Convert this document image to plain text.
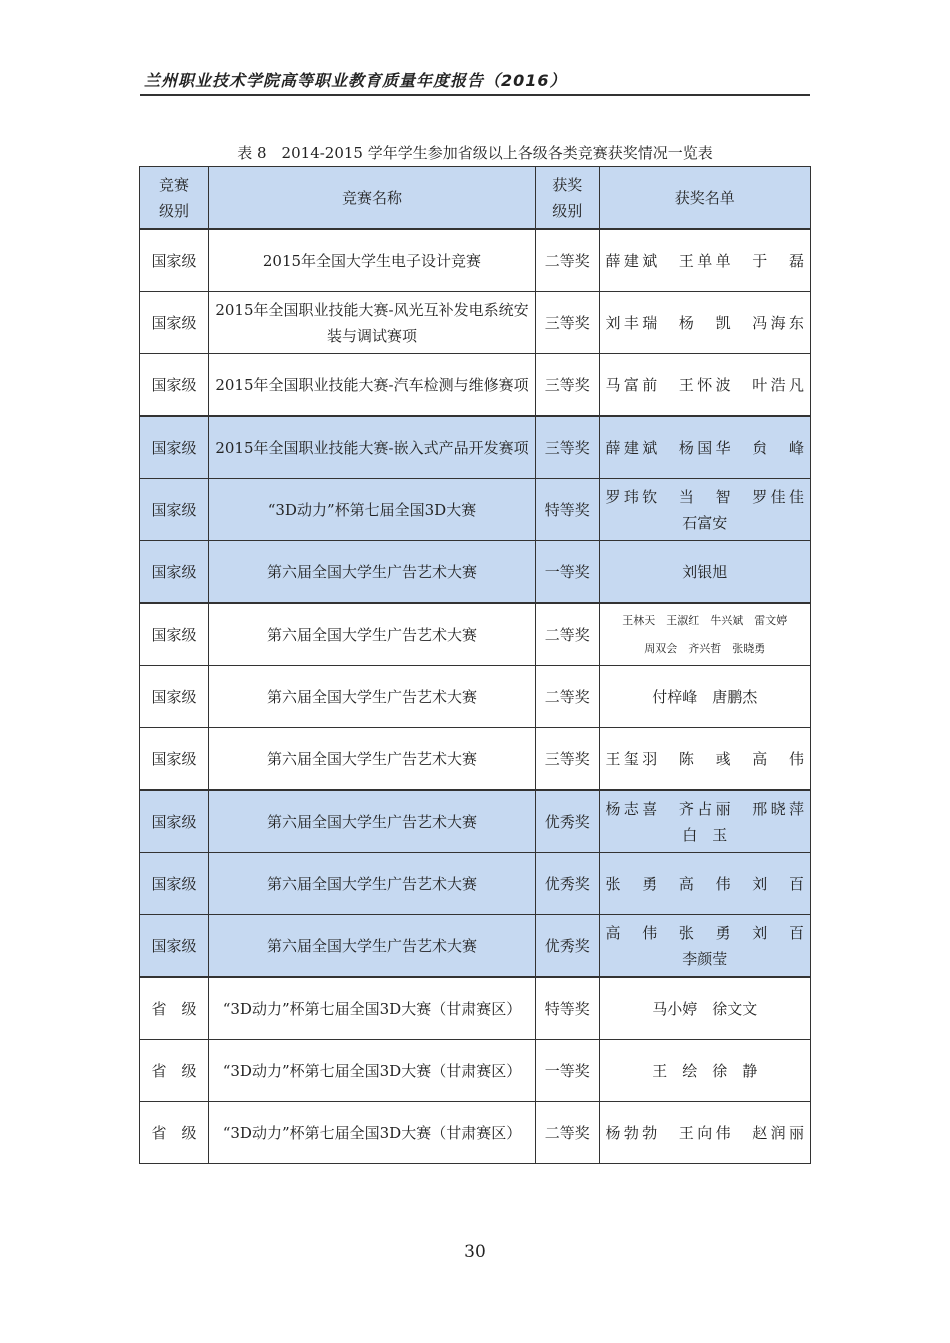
兰州职业技术学院高等职业教育质量年度报告（2016）
表 8　2014-2015 学年学生参加省级以上各级各类竞赛获奖情况一览表
竞赛级别	竞赛名称	获奖级别	获奖名单
国家级	2015年全国大学生电子设计竞赛	二等奖	薛建斌　王单单　于　磊
国家级	2015年全国职业技能大赛-风光互补发电系统安装与调试赛项	三等奖	刘丰瑞　杨　凯　冯海东
国家级	2015年全国职业技能大赛-汽车检测与维修赛项	三等奖	马富前　王怀波　叶浩凡
国家级	2015年全国职业技能大赛-嵌入式产品开发赛项	三等奖	薛建斌　杨国华　贠　峰
国家级	“3D动力”杯第七届全国3D大赛	特等奖	罗玮钦　当　智　罗佳佳
石富安

国家级	第六届全国大学生广告艺术大赛	一等奖	刘银旭
国家级	第六届全国大学生广告艺术大赛	二等奖	王林天　王淑红　牛兴斌　雷文婷
周双会　齐兴哲　张晓勇

国家级	第六届全国大学生广告艺术大赛	二等奖	付梓峰　唐鹏杰
国家级	第六届全国大学生广告艺术大赛	三等奖	王玺羽　陈　彧　高　伟
国家级	第六届全国大学生广告艺术大赛	优秀奖	杨志喜　齐占丽　邢晓萍
白　玉

国家级	第六届全国大学生广告艺术大赛	优秀奖	张　勇　高　伟　刘　百
国家级	第六届全国大学生广告艺术大赛	优秀奖	高　伟　张　勇　刘　百
李颜莹

省　级	“3D动力”杯第七届全国3D大赛（甘肃赛区）	特等奖	马小婷　徐文文
省　级	“3D动力”杯第七届全国3D大赛（甘肃赛区）	一等奖	王　绘　徐　静
省　级	“3D动力”杯第七届全国3D大赛（甘肃赛区）	二等奖	杨勃勃　王向伟　赵润丽
30
